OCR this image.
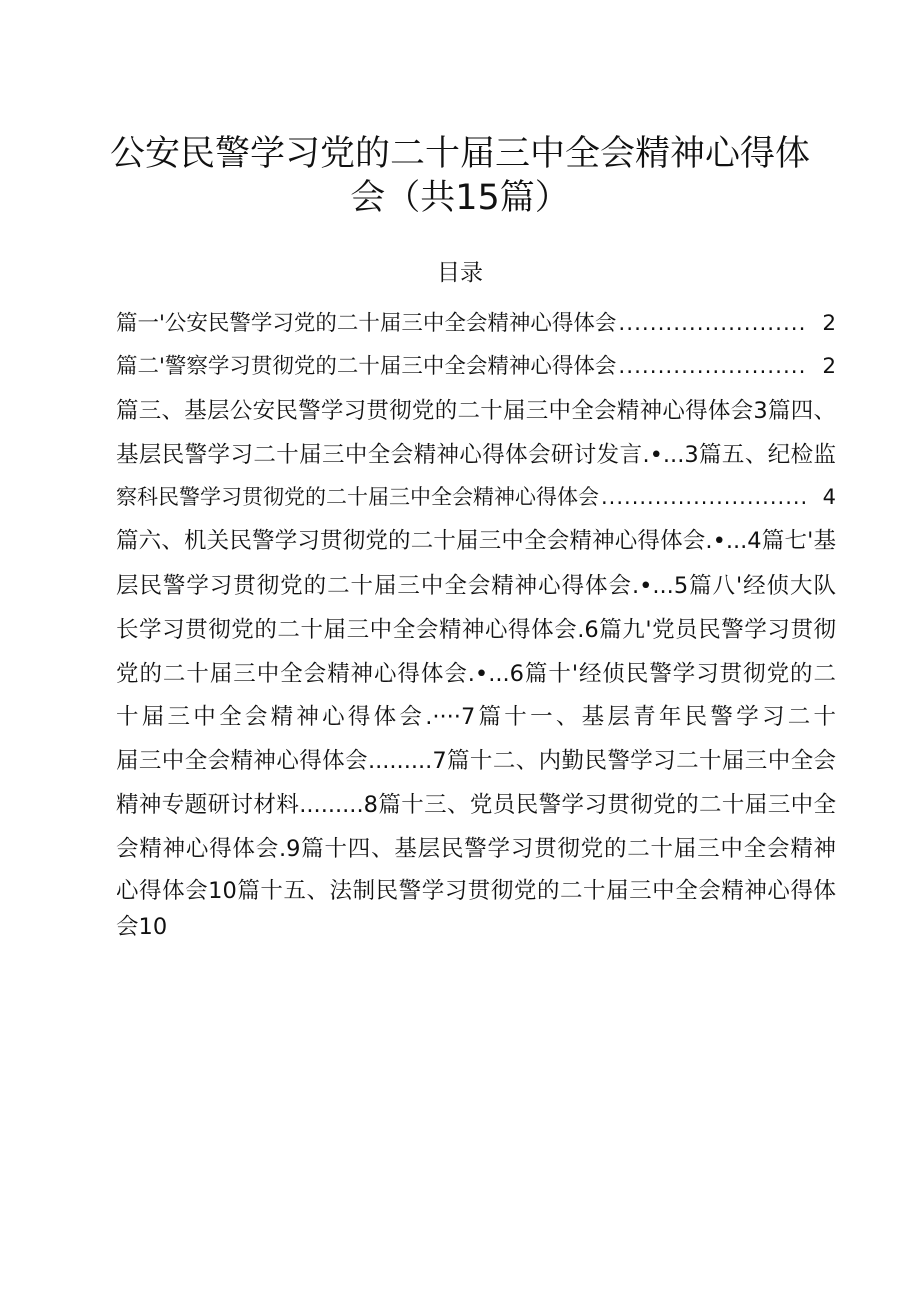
公安民警学习党的二十届三中全会精神心得体
会（共15篇）
目录
篇一'公安民警学习党的二十届三中全会精神心得体会 ........................ 2
篇二'警察学习贯彻党的二十届三中全会精神心得体会 ........................ 2
篇三、基层公安民警学习贯彻党的二十届三中全会精神心得体会3篇四、
基层民警学习二十届三中全会精神心得体会研讨发言.•...3篇五、纪检监
察科民警学习贯彻党的二十届三中全会精神心得体会 ........................... 4
篇六、机关民警学习贯彻党的二十届三中全会精神心得体会.•...4篇七'基
层民警学习贯彻党的二十届三中全会精神心得体会.•...5篇八'经侦大队
长学习贯彻党的二十届三中全会精神心得体会.6篇九'党员民警学习贯彻
党的二十届三中全会精神心得体会.•...6篇十'经侦民警学习贯彻党的二
十届三中全会精神心得体会.····7篇十一、基层青年民警学习二十
届三中全会精神心得体会.........7篇十二、内勤民警学习二十届三中全会
精神专题研讨材料.........8篇十三、党员民警学习贯彻党的二十届三中全
会精神心得体会.9篇十四、基层民警学习贯彻党的二十届三中全会精神
心得体会10篇十五、法制民警学习贯彻党的二十届三中全会精神心得体
会10
